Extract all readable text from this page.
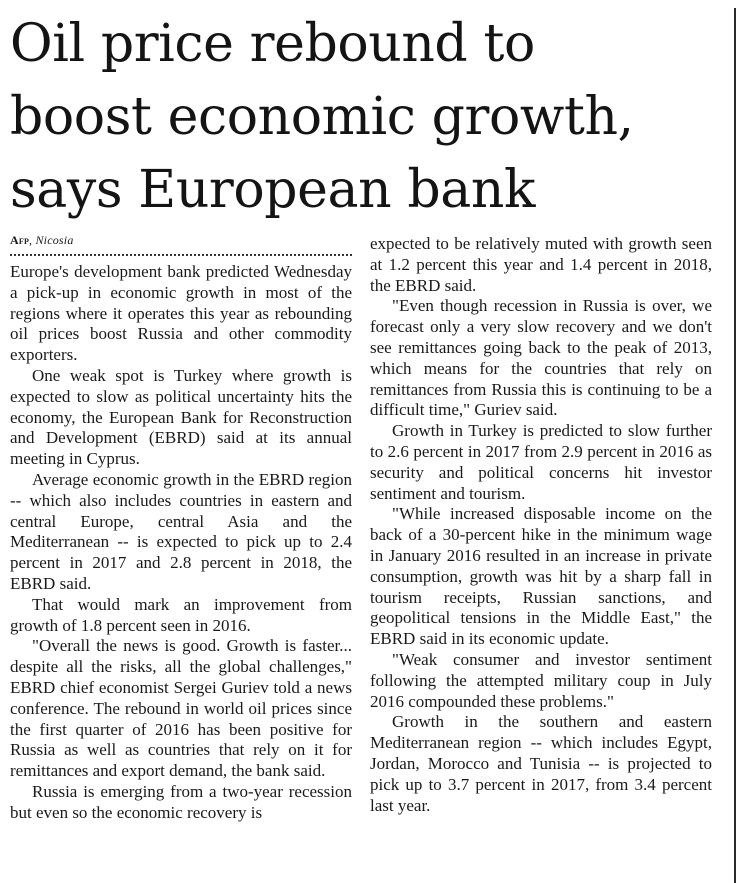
Oil price rebound to
boost economic growth,
says European bank
Afp, Nicosia

Europe's development bank predicted Wednesday a pick-up in economic growth in most of the regions where it operates this year as rebounding oil prices boost Russia and other commodity exporters.

One weak spot is Turkey where growth is expected to slow as political uncertainty hits the economy, the European Bank for Reconstruction and Development (EBRD) said at its annual meeting in Cyprus.

Average economic growth in the EBRD region -- which also includes countries in eastern and central Europe, central Asia and the Mediterranean -- is expected to pick up to 2.4 percent in 2017 and 2.8 percent in 2018, the EBRD said.

That would mark an improvement from growth of 1.8 percent seen in 2016.

"Overall the news is good. Growth is faster... despite all the risks, all the global challenges," EBRD chief economist Sergei Guriev told a news conference. The rebound in world oil prices since the first quarter of 2016 has been positive for Russia as well as countries that rely on it for remittances and export demand, the bank said.

Russia is emerging from a two-year recession but even so the economic recovery is

expected to be relatively muted with growth seen at 1.2 percent this year and 1.4 percent in 2018, the EBRD said.

"Even though recession in Russia is over, we forecast only a very slow recovery and we don't see remittances going back to the peak of 2013, which means for the countries that rely on remittances from Russia this is continuing to be a difficult time," Guriev said.

Growth in Turkey is predicted to slow further to 2.6 percent in 2017 from 2.9 percent in 2016 as security and political concerns hit investor sentiment and tourism.

"While increased disposable income on the back of a 30-percent hike in the minimum wage in January 2016 resulted in an increase in private consumption, growth was hit by a sharp fall in tourism receipts, Russian sanctions, and geopolitical tensions in the Middle East," the EBRD said in its economic update.

"Weak consumer and investor sentiment following the attempted military coup in July 2016 compounded these problems."

Growth in the southern and eastern Mediterranean region -- which includes Egypt, Jordan, Morocco and Tunisia -- is projected to pick up to 3.7 percent in 2017, from 3.4 percent last year.
